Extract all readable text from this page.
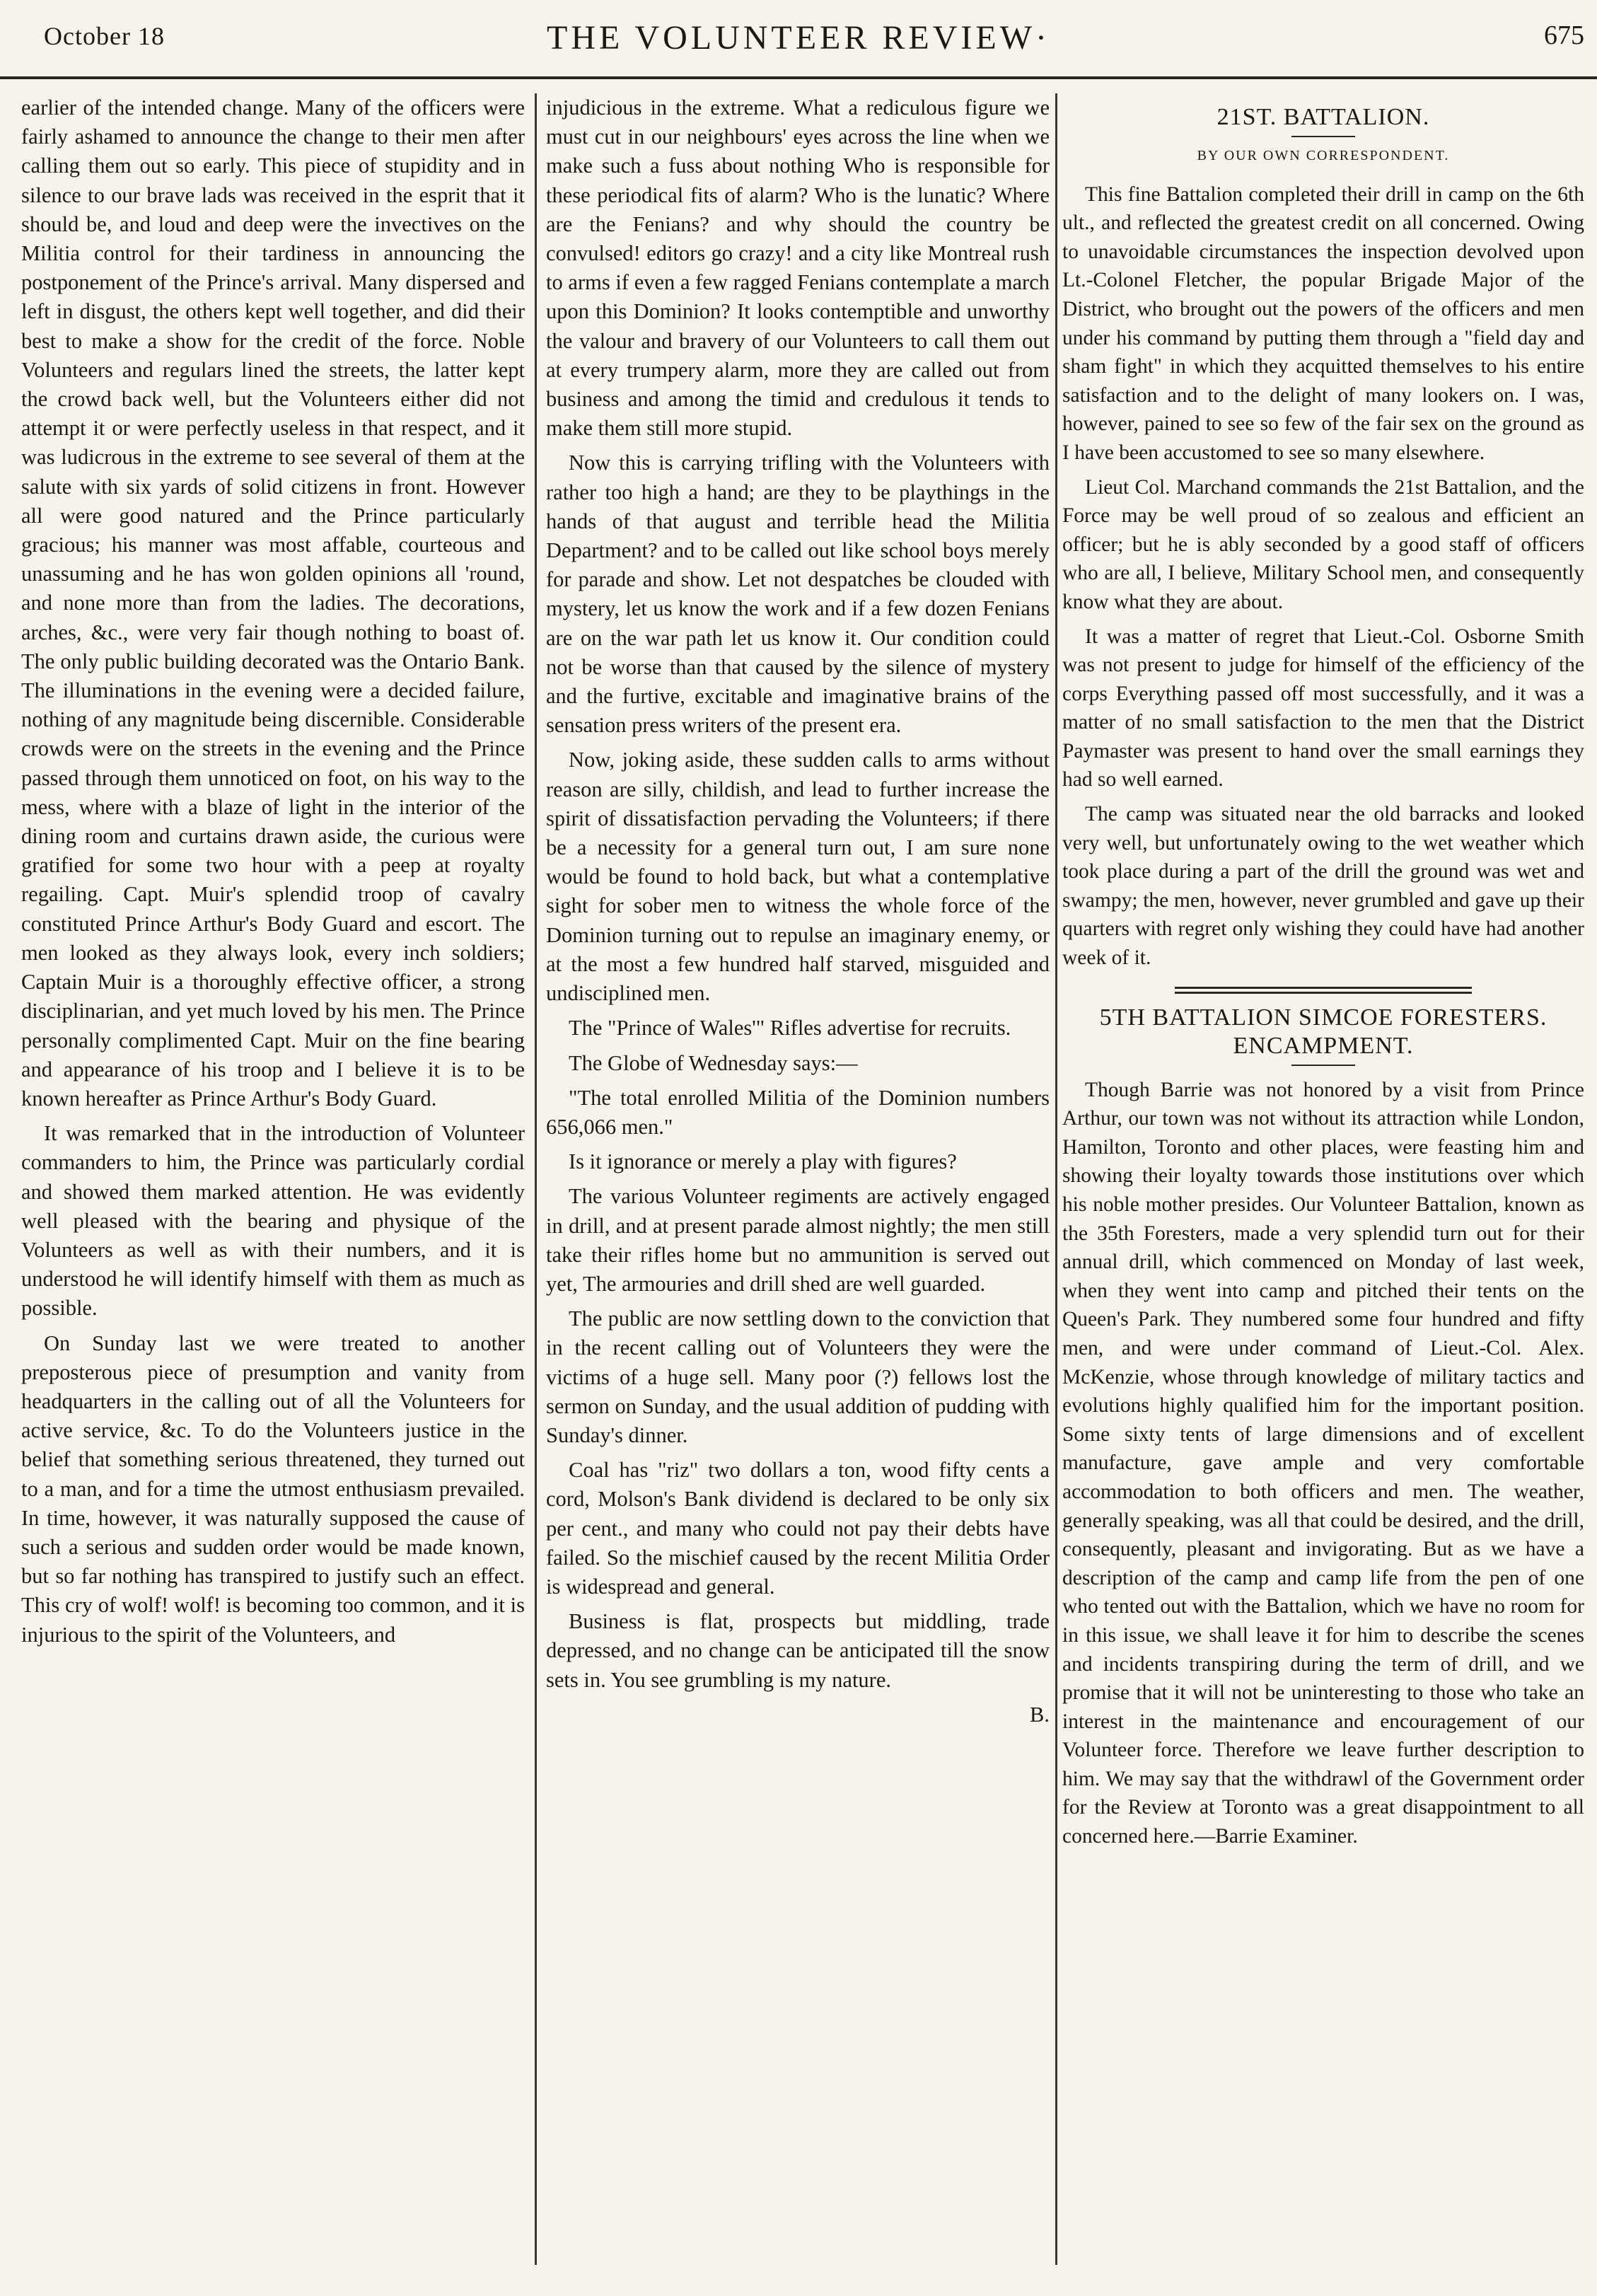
October 18	THE VOLUNTEER REVIEW·	675

earlier of the intended change. Many of the officers were fairly ashamed to announce the change to their men after calling them out so early. This piece of stupidity and in silence to our brave lads was received in the esprit that it should be, and loud and deep were the invectives on the Militia control for their tardiness in announcing the postponement of the Prince's arrival. Many dispersed and left in disgust, the others kept well together, and did their best to make a show for the credit of the force. Noble Volunteers and regulars lined the streets, the latter kept the crowd back well, but the Volunteers either did not attempt it or were perfectly useless in that respect, and it was ludicrous in the extreme to see several of them at the salute with six yards of solid citizens in front. However all were good natured and the Prince particularly gracious; his manner was most affable, courteous and unassuming and he has won golden opinions all 'round, and none more than from the ladies. The decorations, arches, &c., were very fair though nothing to boast of. The only public building decorated was the Ontario Bank. The illuminations in the evening were a decided failure, nothing of any magnitude being discernible. Considerable crowds were on the streets in the evening and the Prince passed through them unnoticed on foot, on his way to the mess, where with a blaze of light in the interior of the dining room and curtains drawn aside, the curious were gratified for some two hour with a peep at royalty regailing. Capt. Muir's splendid troop of cavalry constituted Prince Arthur's Body Guard and escort. The men looked as they always look, every inch soldiers; Captain Muir is a thoroughly effective officer, a strong disciplinarian, and yet much loved by his men. The Prince personally complimented Capt. Muir on the fine bearing and appearance of his troop and I believe it is to be known hereafter as Prince Arthur's Body Guard.

It was remarked that in the introduction of Volunteer commanders to him, the Prince was particularly cordial and showed them marked attention. He was evidently well pleased with the bearing and physique of the Volunteers as well as with their numbers, and it is understood he will identify himself with them as much as possible.

On Sunday last we were treated to another preposterous piece of presumption and vanity from headquarters in the calling out of all the Volunteers for active service, &c. To do the Volunteers justice in the belief that something serious threatened, they turned out to a man, and for a time the utmost enthusiasm prevailed. In time, however, it was naturally supposed the cause of such a serious and sudden order would be made known, but so far nothing has transpired to justify such an effect. This cry of wolf! wolf! is becoming too common, and it is injurious to the spirit of the Volunteers, and

injudicious in the extreme. What a rediculous figure we must cut in our neighbours' eyes across the line when we make such a fuss about nothing Who is responsible for these periodical fits of alarm? Who is the lunatic? Where are the Fenians? and why should the country be convulsed! editors go crazy! and a city like Montreal rush to arms if even a few ragged Fenians contemplate a march upon this Dominion? It looks contemptible and unworthy the valour and bravery of our Volunteers to call them out at every trumpery alarm, more they are called out from business and among the timid and credulous it tends to make them still more stupid.

Now this is carrying trifling with the Volunteers with rather too high a hand; are they to be playthings in the hands of that august and terrible head the Militia Department? and to be called out like school boys merely for parade and show. Let not despatches be clouded with mystery, let us know the work and if a few dozen Fenians are on the war path let us know it. Our condition could not be worse than that caused by the silence of mystery and the furtive, excitable and imaginative brains of the sensation press writers of the present era.

Now, joking aside, these sudden calls to arms without reason are silly, childish, and lead to further increase the spirit of dissatisfaction pervading the Volunteers; if there be a necessity for a general turn out, I am sure none would be found to hold back, but what a contemplative sight for sober men to witness the whole force of the Dominion turning out to repulse an imaginary enemy, or at the most a few hundred half starved, misguided and undisciplined men.

The "Prince of Wales'" Rifles advertise for recruits.

The Globe of Wednesday says:—

"The total enrolled Militia of the Dominion numbers 656,066 men."

Is it ignorance or merely a play with figures?

The various Volunteer regiments are actively engaged in drill, and at present parade almost nightly; the men still take their rifles home but no ammunition is served out yet, The armouries and drill shed are well guarded.

The public are now settling down to the conviction that in the recent calling out of Volunteers they were the victims of a huge sell. Many poor (?) fellows lost the sermon on Sunday, and the usual addition of pudding with Sunday's dinner.

Coal has "riz" two dollars a ton, wood fifty cents a cord, Molson's Bank dividend is declared to be only six per cent., and many who could not pay their debts have failed. So the mischief caused by the recent Militia Order is widespread and general.

Business is flat, prospects but middling, trade depressed, and no change can be anticipated till the snow sets in. You see grumbling is my nature.

B.
21ST. BATTALION.
BY OUR OWN CORRESPONDENT.

This fine Battalion completed their drill in camp on the 6th ult., and reflected the greatest credit on all concerned. Owing to unavoidable circumstances the inspection devolved upon Lt.-Colonel Fletcher, the popular Brigade Major of the District, who brought out the powers of the officers and men under his command by putting them through a "field day and sham fight" in which they acquitted themselves to his entire satisfaction and to the delight of many lookers on. I was, however, pained to see so few of the fair sex on the ground as I have been accustomed to see so many elsewhere.

Lieut Col. Marchand commands the 21st Battalion, and the Force may be well proud of so zealous and efficient an officer; but he is ably seconded by a good staff of officers who are all, I believe, Military School men, and consequently know what they are about.

It was a matter of regret that Lieut.-Col. Osborne Smith was not present to judge for himself of the efficiency of the corps Everything passed off most successfully, and it was a matter of no small satisfaction to the men that the District Paymaster was present to hand over the small earnings they had so well earned.

The camp was situated near the old barracks and looked very well, but unfortunately owing to the wet weather which took place during a part of the drill the ground was wet and swampy; the men, however, never grumbled and gave up their quarters with regret only wishing they could have had another week of it.

5TH BATTALION SIMCOE FORESTERS.
ENCAMPMENT.

Though Barrie was not honored by a visit from Prince Arthur, our town was not without its attraction while London, Hamilton, Toronto and other places, were feasting him and showing their loyalty towards those institutions over which his noble mother presides. Our Volunteer Battalion, known as the 35th Foresters, made a very splendid turn out for their annual drill, which commenced on Monday of last week, when they went into camp and pitched their tents on the Queen's Park. They numbered some four hundred and fifty men, and were under command of Lieut.-Col. Alex. McKenzie, whose through knowledge of military tactics and evolutions highly qualified him for the important position. Some sixty tents of large dimensions and of excellent manufacture, gave ample and very comfortable accommodation to both officers and men. The weather, generally speaking, was all that could be desired, and the drill, consequently, pleasant and invigorating. But as we have a description of the camp and camp life from the pen of one who tented out with the Battalion, which we have no room for in this issue, we shall leave it for him to describe the scenes and incidents transpiring during the term of drill, and we promise that it will not be uninteresting to those who take an interest in the maintenance and encouragement of our Volunteer force. Therefore we leave further description to him. We may say that the withdrawl of the Government order for the Review at Toronto was a great disappointment to all concerned here.—Barrie Examiner.
